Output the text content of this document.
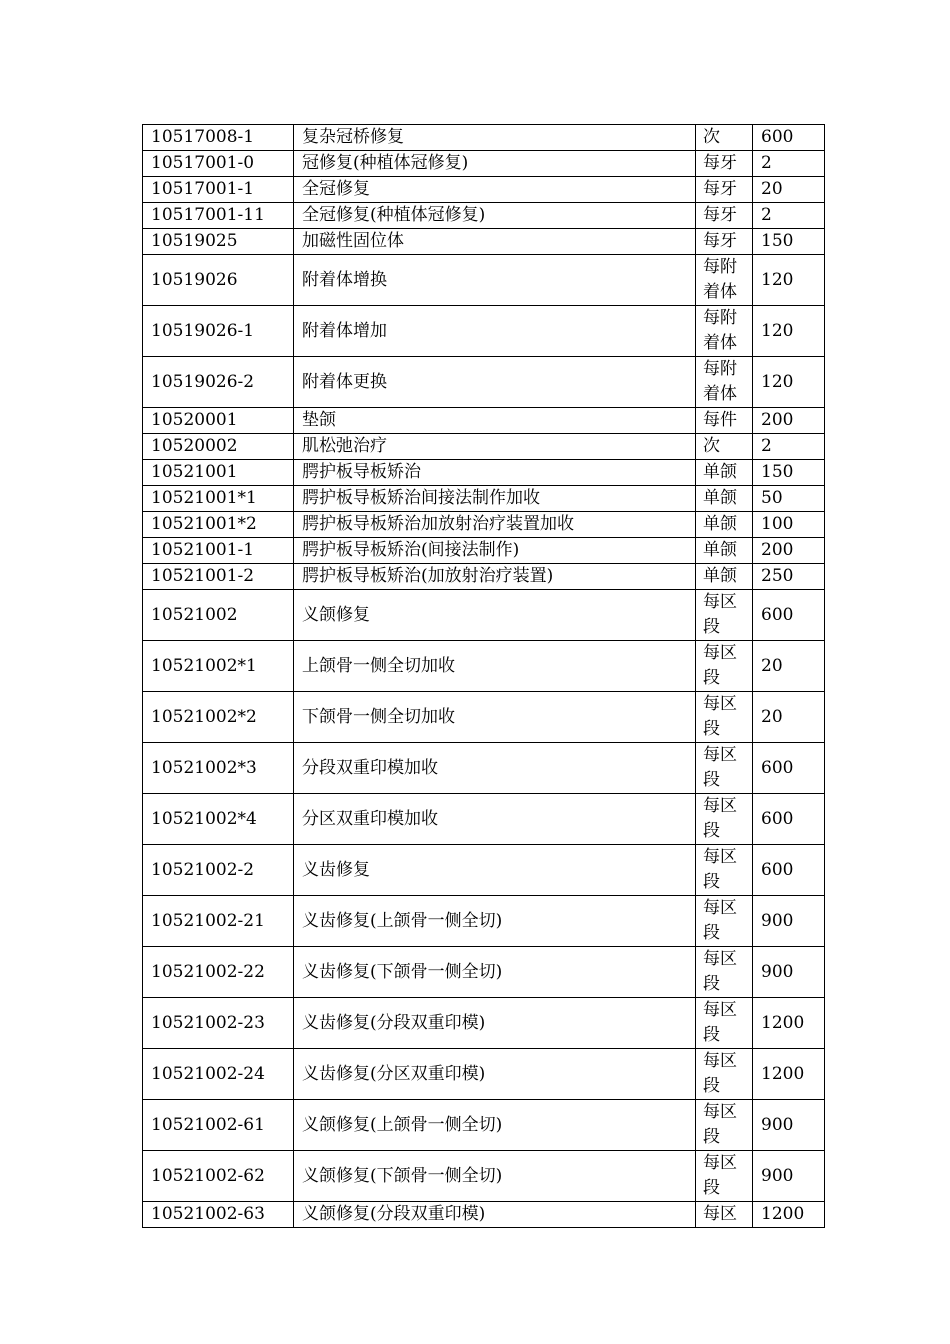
10517008-1	复杂冠桥修复	次	600
10517001-0	冠修复(种植体冠修复)	每牙	2
10517001-1	全冠修复	每牙	20
10517001-11	全冠修复(种植体冠修复)	每牙	2
10519025	加磁性固位体	每牙	150
10519026	附着体增换	每附着体	120
10519026-1	附着体增加	每附着体	120
10519026-2	附着体更换	每附着体	120
10520001	垫颌	每件	200
10520002	肌松弛治疗	次	2
10521001	腭护板导板矫治	单颌	150
10521001*1	腭护板导板矫治间接法制作加收	单颌	50
10521001*2	腭护板导板矫治加放射治疗装置加收	单颌	100
10521001-1	腭护板导板矫治(间接法制作)	单颌	200
10521001-2	腭护板导板矫治(加放射治疗装置)	单颌	250
10521002	义颌修复	每区段	600
10521002*1	上颌骨一侧全切加收	每区段	20
10521002*2	下颌骨一侧全切加收	每区段	20
10521002*3	分段双重印模加收	每区段	600
10521002*4	分区双重印模加收	每区段	600
10521002-2	义齿修复	每区段	600
10521002-21	义齿修复(上颌骨一侧全切)	每区段	900
10521002-22	义齿修复(下颌骨一侧全切)	每区段	900
10521002-23	义齿修复(分段双重印模)	每区段	1200
10521002-24	义齿修复(分区双重印模)	每区段	1200
10521002-61	义颌修复(上颌骨一侧全切)	每区段	900
10521002-62	义颌修复(下颌骨一侧全切)	每区段	900
10521002-63	义颌修复(分段双重印模)	每区	1200
